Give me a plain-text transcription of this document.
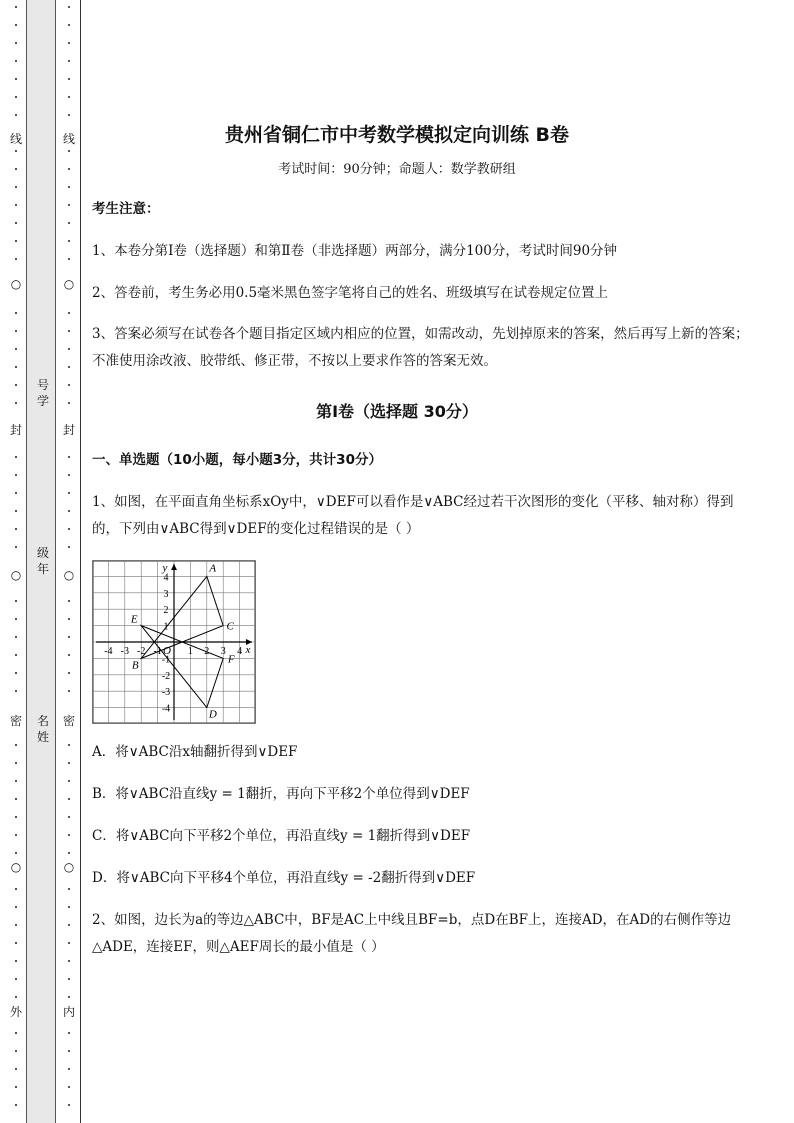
线
○
封
○
密
○
外
号学
级年
名姓
线
○
封
○
密
○
内
贵州省铜仁市中考数学模拟定向训练 B卷
考试时间：90分钟；命题人：数学教研组
考生注意：
1、本卷分第I卷（选择题）和第Ⅱ卷（非选择题）两部分，满分100分，考试时间90分钟
2、答卷前，考生务必用0.5毫米黑色签字笔将自己的姓名、班级填写在试卷规定位置上
3、答案必须写在试卷各个题目指定区域内相应的位置，如需改动，先划掉原来的答案，然后再写上新的答案；不准使用涂改液、胶带纸、修正带，不按以上要求作答的答案无效。
第I卷（选择题 30分）
一、单选题（10小题，每小题3分，共计30分）
1、如图，在平面直角坐标系xOy中，∨DEF可以看作是∨ABC经过若干次图形的变化（平移、轴对称）得到的，下列由∨ABC得到∨DEF的变化过程错误的是（ ）
-4 -3 -2 -1	1 2 3 4
4
3
2
1
-1
-2
-3
-4
x
y
O
A
B
C
D
E
F
A．将∨ABC沿x轴翻折得到∨DEF
B．将∨ABC沿直线y = 1翻折，再向下平移2个单位得到∨DEF
C．将∨ABC向下平移2个单位，再沿直线y = 1翻折得到∨DEF
D．将∨ABC向下平移4个单位，再沿直线y = -2翻折得到∨DEF
2、如图，边长为a的等边△ABC中，BF是AC上中线且BF=b，点D在BF上，连接AD，在AD的右侧作等边△ADE，连接EF，则△AEF周长的最小值是（ ）
